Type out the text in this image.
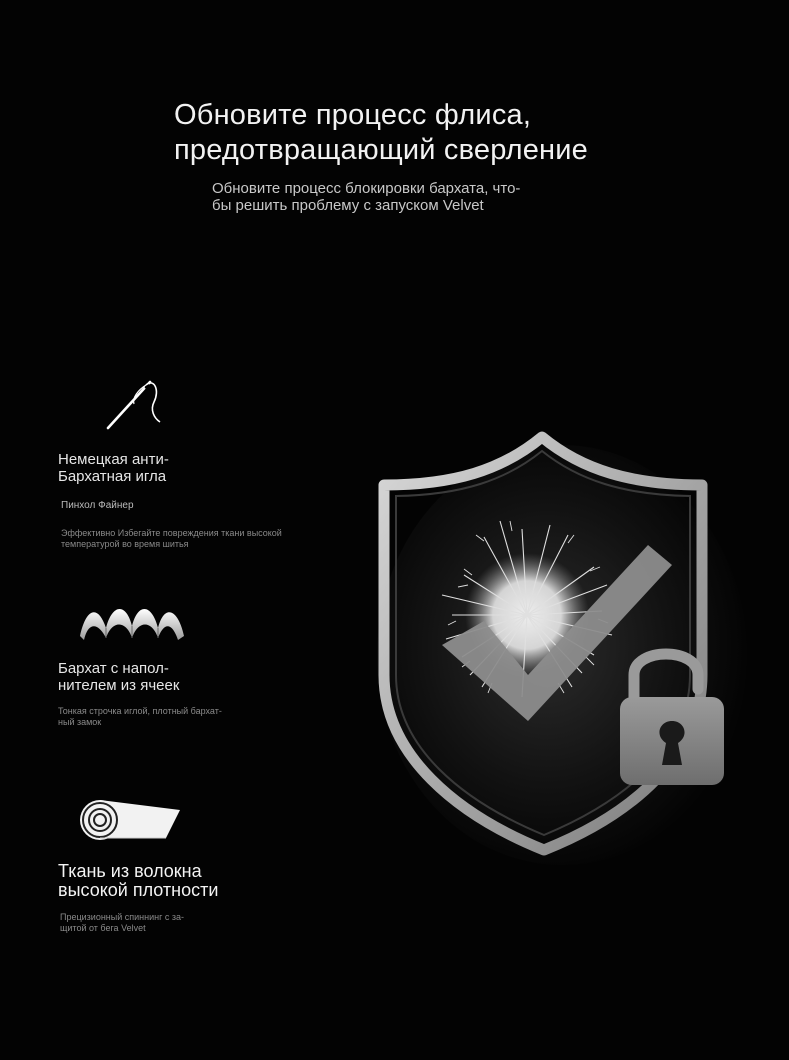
Обновите процесс флиса,
предотвращающий сверление
Обновите процесс блокировки бархата, что-
бы решить проблему с запуском Velvet
Немецкая анти-
Бархатная игла
Пинхол Файнер
Эффективно Избегайте повреждения ткани высокой
температурой во время шитья
Бархат с напол-
нителем из ячеек
Тонкая строчка иглой, плотный бархат-
ный замок
Ткань из волокна
высокой плотности
Прецизионный спиннинг с за-
щитой от бега Velvet
